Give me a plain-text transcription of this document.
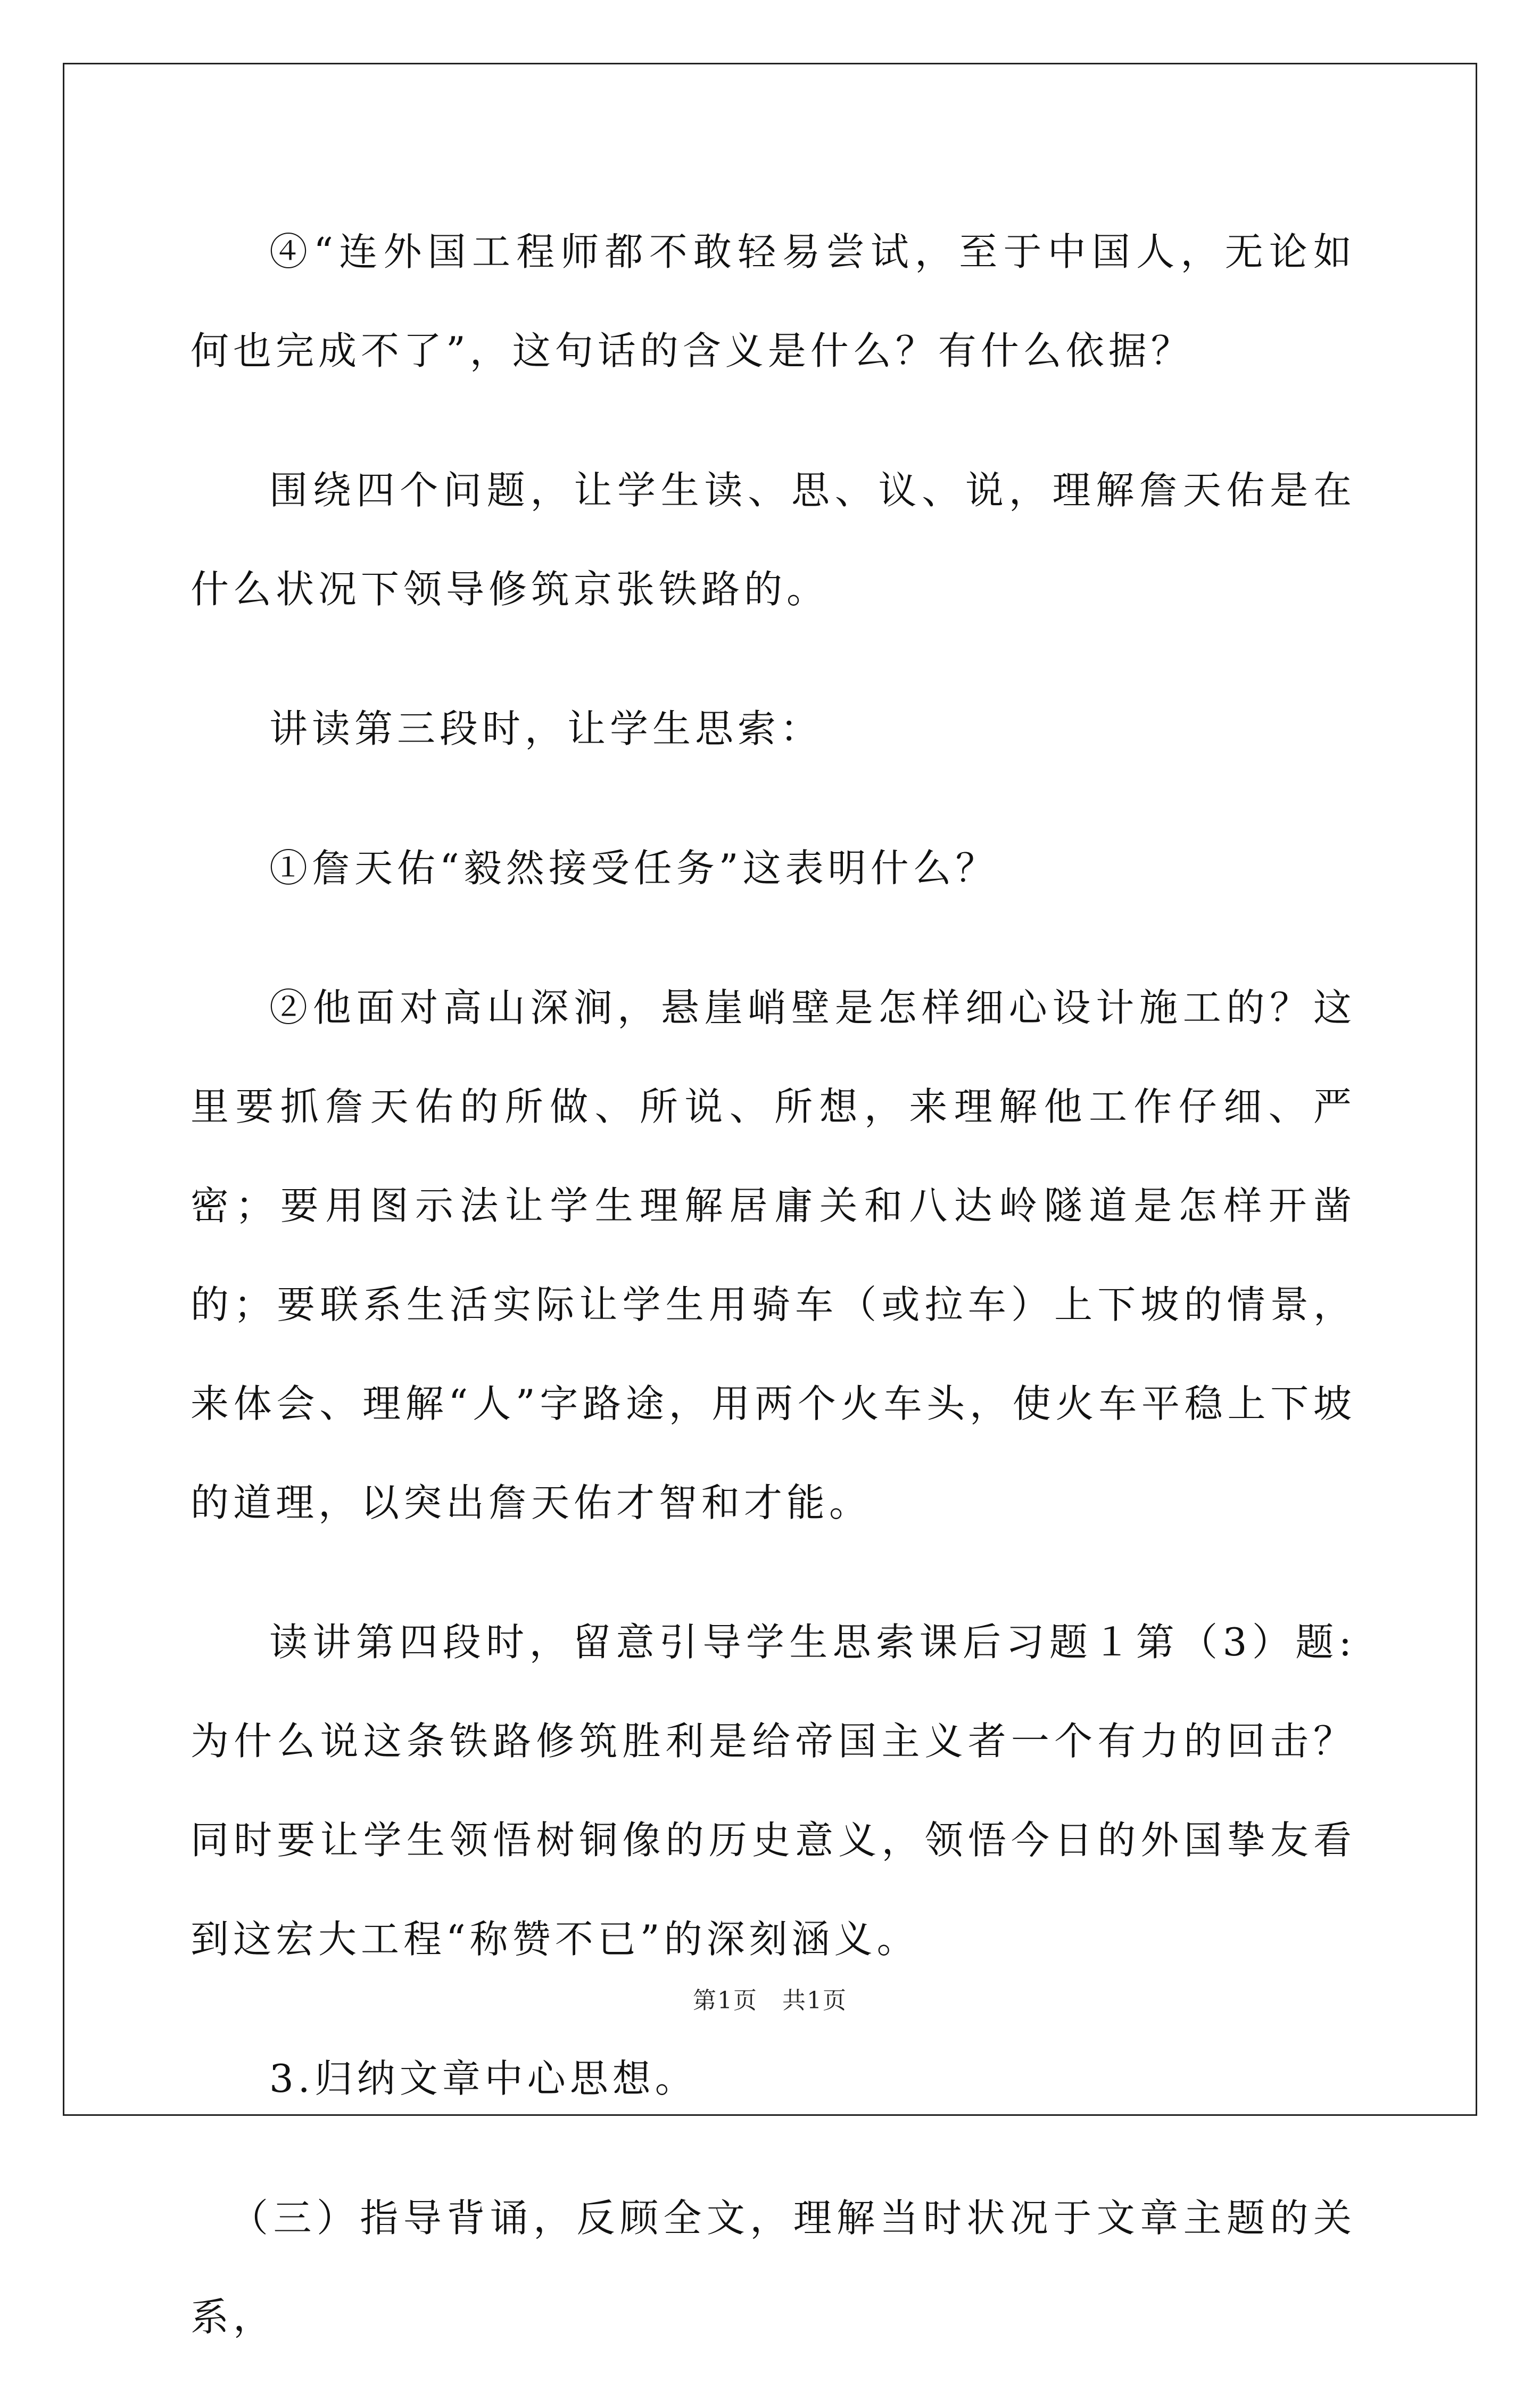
④“连外国工程师都不敢轻易尝试，至于中国人，无论如何也完成不了”，这句话的含义是什么？有什么依据？
围绕四个问题，让学生读、思、议、说，理解詹天佑是在什么状况下领导修筑京张铁路的。
讲读第三段时，让学生思索：
①詹天佑“毅然接受任务”这表明什么？
②他面对高山深涧，悬崖峭壁是怎样细心设计施工的？这里要抓詹天佑的所做、所说、所想，来理解他工作仔细、严密；要用图示法让学生理解居庸关和八达岭隧道是怎样开凿的；要联系生活实际让学生用骑车（或拉车）上下坡的情景，来体会、理解“人”字路途，用两个火车头，使火车平稳上下坡的道理，以突出詹天佑才智和才能。
读讲第四段时，留意引导学生思索课后习题１第（3）题: 为什么说这条铁路修筑胜利是给帝国主义者一个有力的回击？同时要让学生领悟树铜像的历史意义，领悟今日的外国挚友看到这宏大工程“称赞不已”的深刻涵义。
3.归纳文章中心思想。
（三）指导背诵，反顾全文，理解当时状况于文章主题的关系，
第1页　共1页
